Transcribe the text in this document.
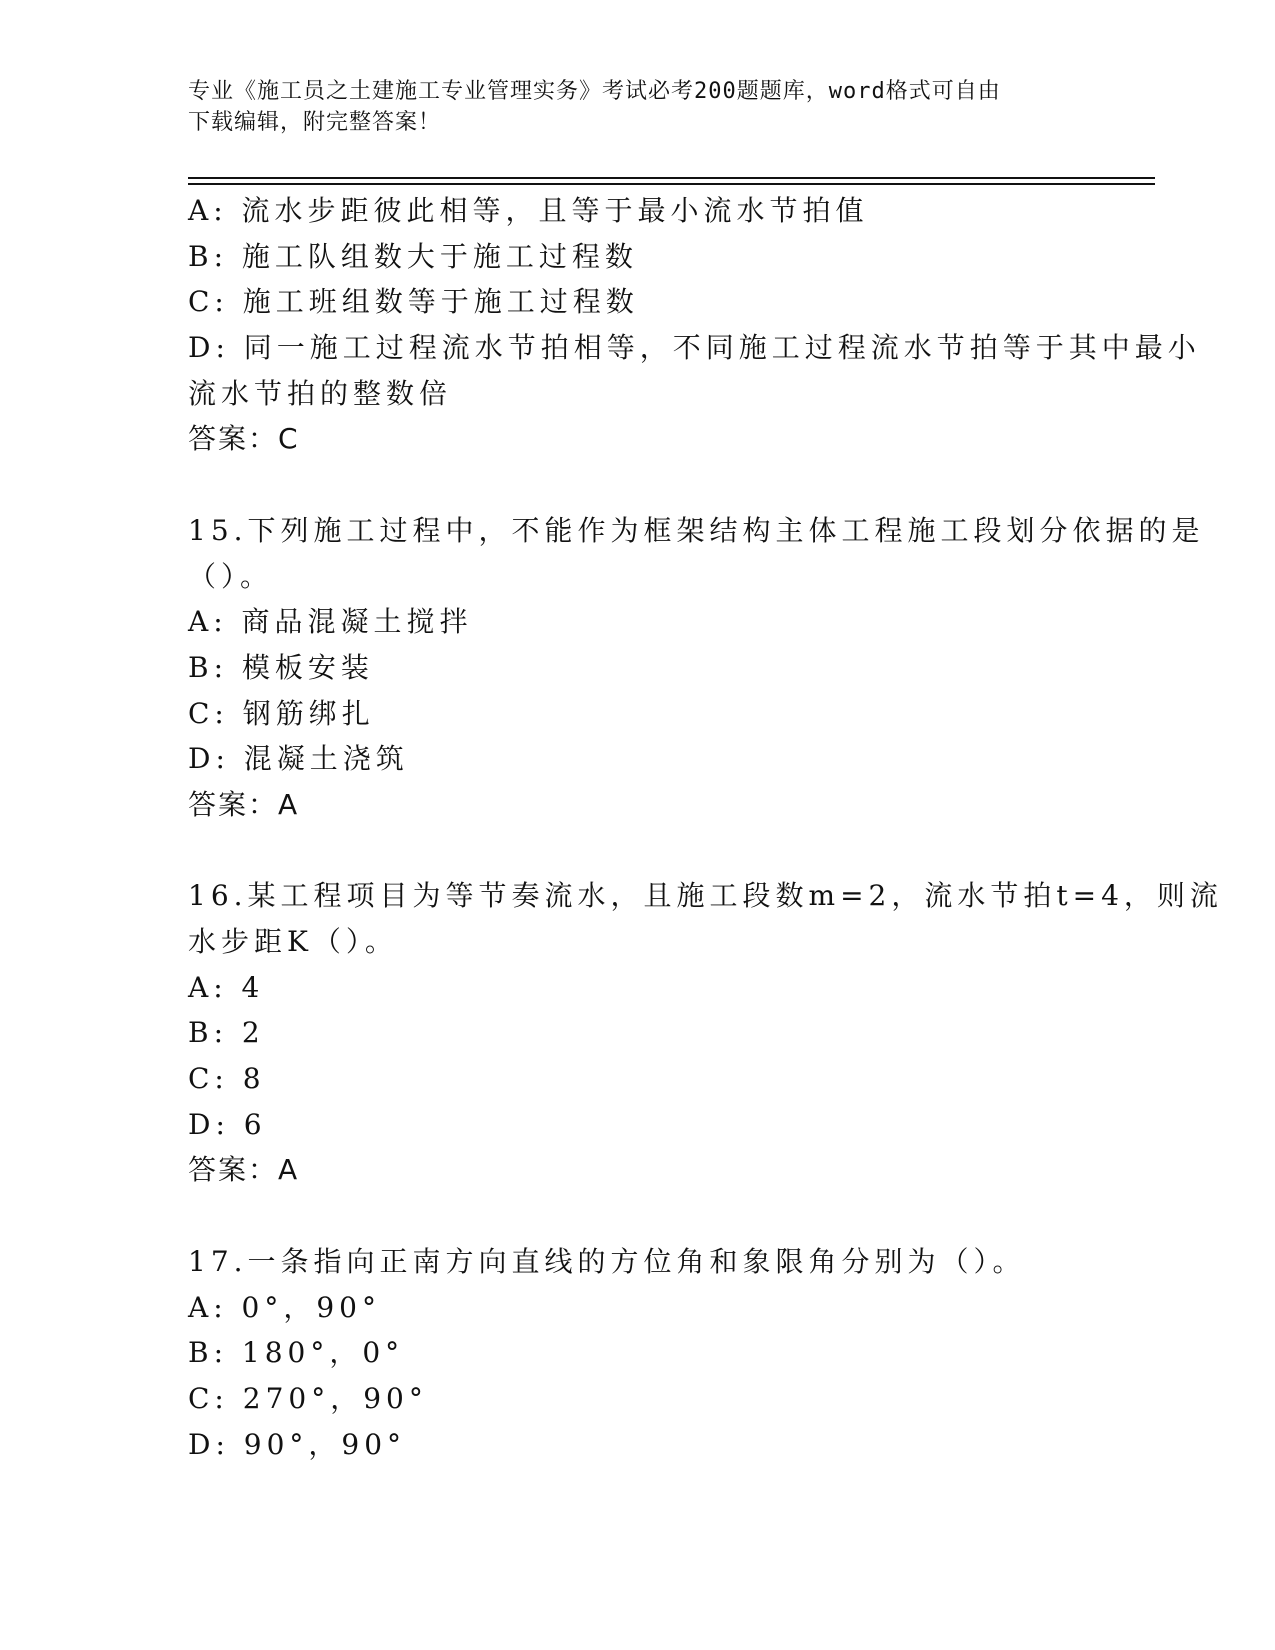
专业《施工员之土建施工专业管理实务》考试必考200题题库，word格式可自由
下载编辑，附完整答案！
A: 流水步距彼此相等，且等于最小流水节拍值
B: 施工队组数大于施工过程数
C: 施工班组数等于施工过程数
D: 同一施工过程流水节拍相等，不同施工过程流水节拍等于其中最小
流水节拍的整数倍
答案：C
15.下列施工过程中，不能作为框架结构主体工程施工段划分依据的是
（）。
A: 商品混凝土搅拌
B: 模板安装
C: 钢筋绑扎
D: 混凝土浇筑
答案：A
16.某工程项目为等节奏流水，且施工段数m=2，流水节拍t=4，则流
水步距K（）。
A: 4
B: 2
C: 8
D: 6
答案：A
17.一条指向正南方向直线的方位角和象限角分别为（）。
A: 0°，90°
B: 180°，0°
C: 270°，90°
D: 90°，90°
